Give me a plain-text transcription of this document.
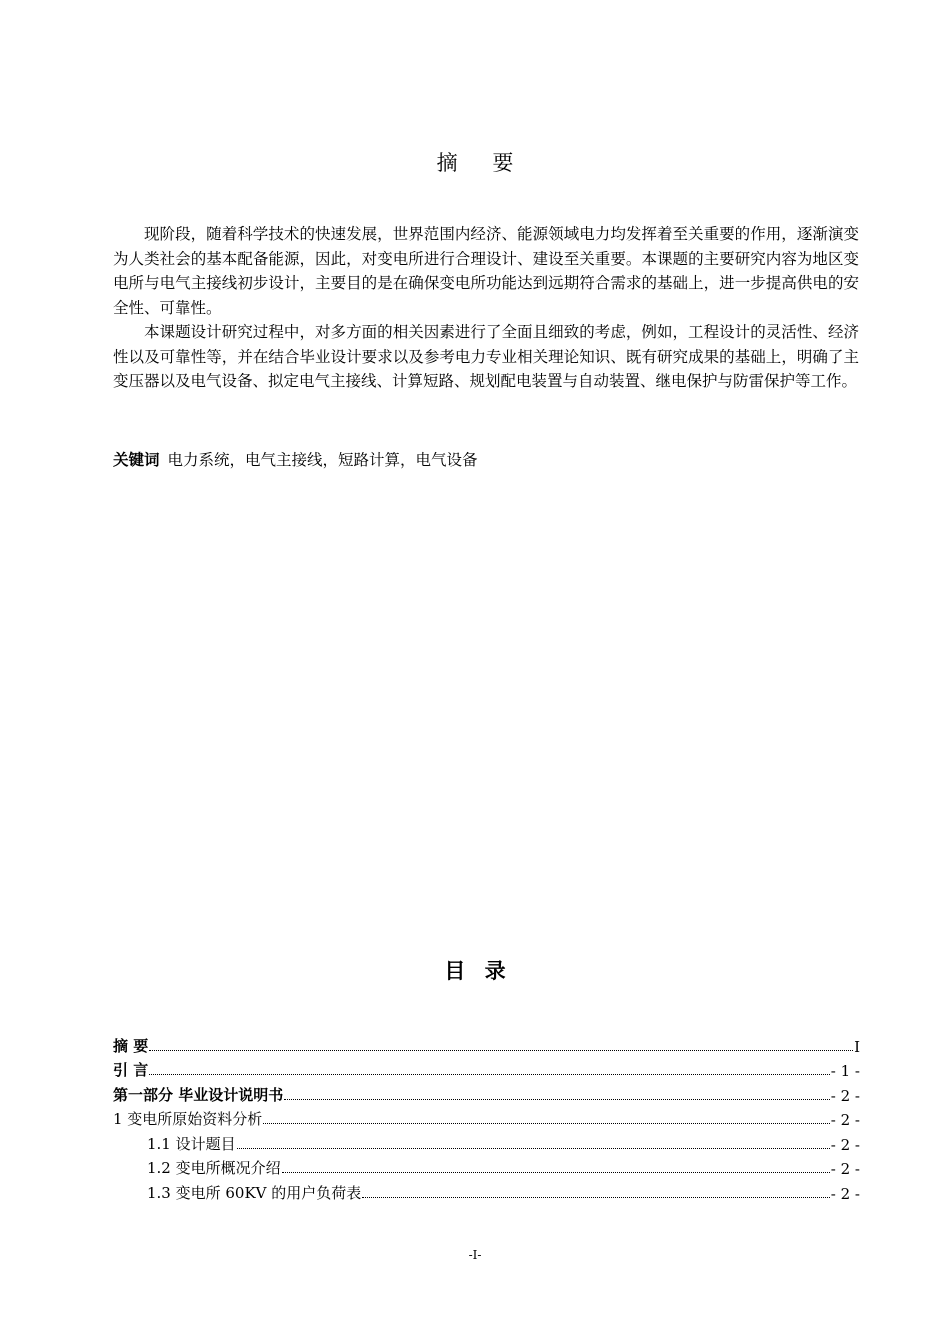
摘 要

现阶段，随着科学技术的快速发展，世界范围内经济、能源领域电力均发挥着至关重要的作用，逐渐演变为人类社会的基本配备能源，因此，对变电所进行合理设计、建设至关重要。本课题的主要研究内容为地区变电所与电气主接线初步设计，主要目的是在确保变电所功能达到远期符合需求的基础上，进一步提高供电的安全性、可靠性。

本课题设计研究过程中，对多方面的相关因素进行了全面且细致的考虑，例如，工程设计的灵活性、经济性以及可靠性等，并在结合毕业设计要求以及参考电力专业相关理论知识、既有研究成果的基础上，明确了主变压器以及电气设备、拟定电气主接线、计算短路、规划配电装置与自动装置、继电保护与防雷保护等工作。

关键词 电力系统，电气主接线，短路计算，电气设备
目 录
摘 要	I
引 言	- 1 -
第一部分 毕业设计说明书	- 2 -
1 变电所原始资料分析	- 2 -
1.1 设计题目	- 2 -
1.2 变电所概况介绍	- 2 -
1.3 变电所 60KV 的用户负荷表	- 2 -
-I-
